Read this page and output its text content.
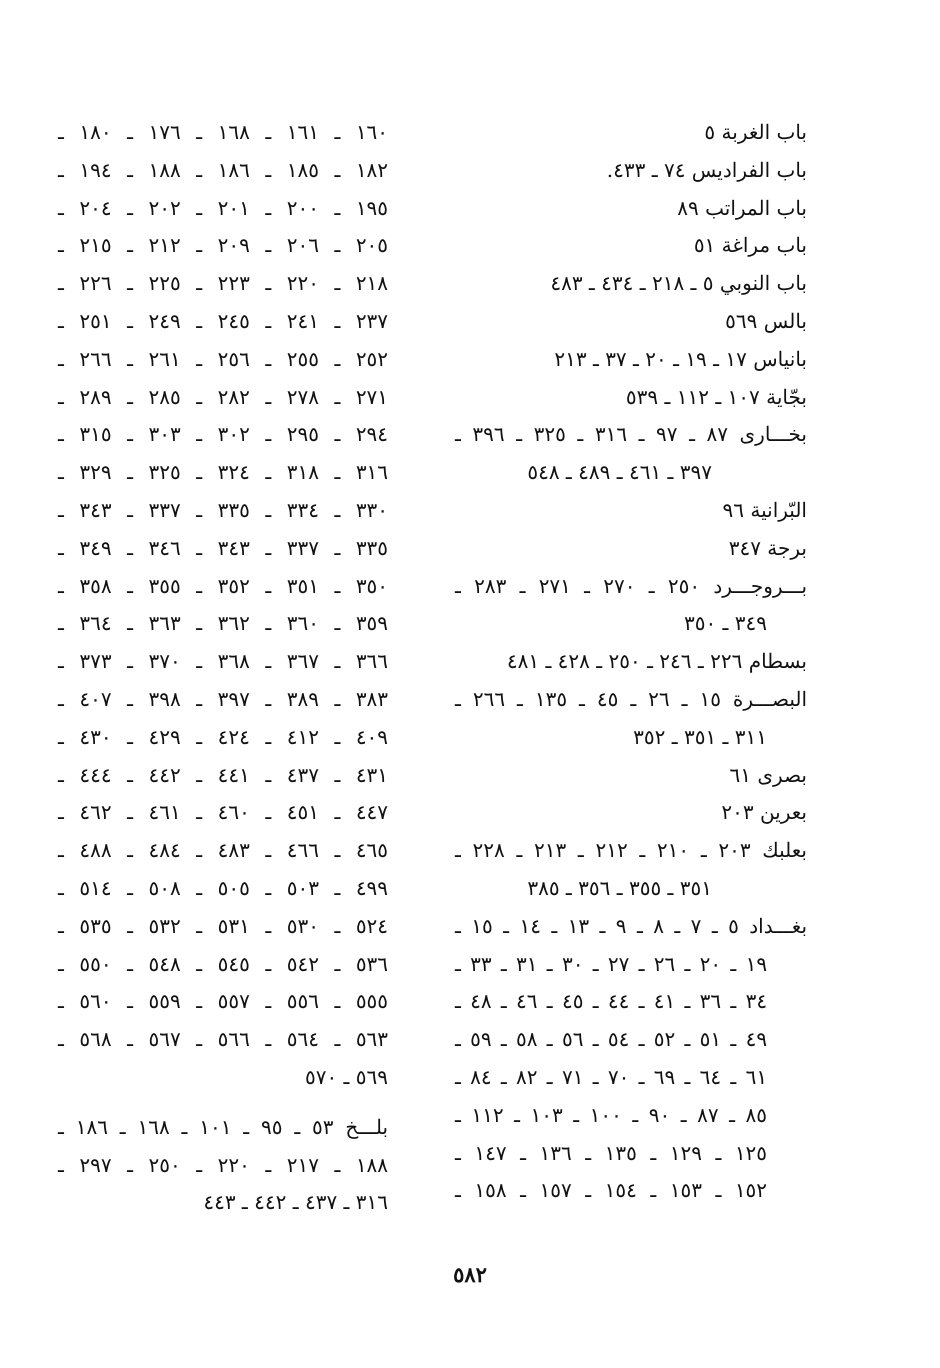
باب الغربة ٥
باب الفراديس ٧٤ ـ ٤٣٣.
باب المراتب ٨٩
باب مراغة ٥١
باب النوبي ٥ ـ ٢١٨ ـ ٤٣٤ ـ ٤٨٣
بالس ٥٦٩
بانياس ١٧ ـ ١٩ ـ ٢٠ ـ ٣٧ ـ ٢١٣
بجّاية ١٠٧ ـ ١١٢ ـ ٥٣٩
بخـــارى ٨٧ ـ ٩٧ ـ ٣١٦ ـ ٣٢٥ ـ ٣٩٦ ـ
٣٩٧ ـ ٤٦١ ـ ٤٨٩ ـ ٥٤٨
البّرانية ٩٦
برجة ٣٤٧
بـــروجـــرد ٢٥٠ ـ ٢٧٠ ـ ٢٧١ ـ ٢٨٣ ـ
٣٤٩ ـ ٣٥٠
بسطام ٢٢٦ ـ ٢٤٦ ـ ٢٥٠ ـ ٤٢٨ ـ ٤٨١
البصـــرة ١٥ ـ ٢٦ ـ ٤٥ ـ ١٣٥ ـ ٢٦٦ ـ
٣١١ ـ ٣٥١ ـ ٣٥٢
بصرى ٦١
بعرين ٢٠٣
بعلبك ٢٠٣ ـ ٢١٠ ـ ٢١٢ ـ ٢١٣ ـ ٢٢٨ ـ
٣٥١ ـ ٣٥٥ ـ ٣٥٦ ـ ٣٨٥
بغـــداد ٥ ـ ٧ ـ ٨ ـ ٩ ـ ١٣ ـ ١٤ ـ ١٥ ـ
١٩ ـ ٢٠ ـ ٢٦ ـ ٢٧ ـ ٣٠ ـ ٣١ ـ ٣٣ ـ
٣٤ ـ ٣٦ ـ ٤١ ـ ٤٤ ـ ٤٥ ـ ٤٦ ـ ٤٨ ـ
٤٩ ـ ٥١ ـ ٥٢ ـ ٥٤ ـ ٥٦ ـ ٥٨ ـ ٥٩ ـ
٦١ ـ ٦٤ ـ ٦٩ ـ ٧٠ ـ ٧١ ـ ٨٢ ـ ٨٤ ـ
٨٥ ـ ٨٧ ـ ٩٠ ـ ١٠٠ ـ ١٠٣ ـ ١١٢ ـ
١٢٥ ـ ١٢٩ ـ ١٣٥ ـ ١٣٦ ـ ١٤٧ ـ
١٥٢ ـ ١٥٣ ـ ١٥٤ ـ ١٥٧ ـ ١٥٨ ـ
١٦٠ ـ ١٦١ ـ ١٦٨ ـ ١٧٦ ـ ١٨٠ ـ
١٨٢ ـ ١٨٥ ـ ١٨٦ ـ ١٨٨ ـ ١٩٤ ـ
١٩٥ ـ ٢٠٠ ـ ٢٠١ ـ ٢٠٢ ـ ٢٠٤ ـ
٢٠٥ ـ ٢٠٦ ـ ٢٠٩ ـ ٢١٢ ـ ٢١٥ ـ
٢١٨ ـ ٢٢٠ ـ ٢٢٣ ـ ٢٢٥ ـ ٢٢٦ ـ
٢٣٧ ـ ٢٤١ ـ ٢٤٥ ـ ٢٤٩ ـ ٢٥١ ـ
٢٥٢ ـ ٢٥٥ ـ ٢٥٦ ـ ٢٦١ ـ ٢٦٦ ـ
٢٧١ ـ ٢٧٨ ـ ٢٨٢ ـ ٢٨٥ ـ ٢٨٩ ـ
٢٩٤ ـ ٢٩٥ ـ ٣٠٢ ـ ٣٠٣ ـ ٣١٥ ـ
٣١٦ ـ ٣١٨ ـ ٣٢٤ ـ ٣٢٥ ـ ٣٢٩ ـ
٣٣٠ ـ ٣٣٤ ـ ٣٣٥ ـ ٣٣٧ ـ ٣٤٣ ـ
٣٣٥ ـ ٣٣٧ ـ ٣٤٣ ـ ٣٤٦ ـ ٣٤٩ ـ
٣٥٠ ـ ٣٥١ ـ ٣٥٢ ـ ٣٥٥ ـ ٣٥٨ ـ
٣٥٩ ـ ٣٦٠ ـ ٣٦٢ ـ ٣٦٣ ـ ٣٦٤ ـ
٣٦٦ ـ ٣٦٧ ـ ٣٦٨ ـ ٣٧٠ ـ ٣٧٣ ـ
٣٨٣ ـ ٣٨٩ ـ ٣٩٧ ـ ٣٩٨ ـ ٤٠٧ ـ
٤٠٩ ـ ٤١٢ ـ ٤٢٤ ـ ٤٢٩ ـ ٤٣٠ ـ
٤٣١ ـ ٤٣٧ ـ ٤٤١ ـ ٤٤٢ ـ ٤٤٤ ـ
٤٤٧ ـ ٤٥١ ـ ٤٦٠ ـ ٤٦١ ـ ٤٦٢ ـ
٤٦٥ ـ ٤٦٦ ـ ٤٨٣ ـ ٤٨٤ ـ ٤٨٨ ـ
٤٩٩ ـ ٥٠٣ ـ ٥٠٥ ـ ٥٠٨ ـ ٥١٤ ـ
٥٢٤ ـ ٥٣٠ ـ ٥٣١ ـ ٥٣٢ ـ ٥٣٥ ـ
٥٣٦ ـ ٥٤٢ ـ ٥٤٥ ـ ٥٤٨ ـ ٥٥٠ ـ
٥٥٥ ـ ٥٥٦ ـ ٥٥٧ ـ ٥٥٩ ـ ٥٦٠ ـ
٥٦٣ ـ ٥٦٤ ـ ٥٦٦ ـ ٥٦٧ ـ ٥٦٨ ـ
٥٦٩ ـ ٥٧٠
بلـــخ ٥٣ ـ ٩٥ ـ ١٠١ ـ ١٦٨ ـ ١٨٦ ـ
١٨٨ ـ ٢١٧ ـ ٢٢٠ ـ ٢٥٠ ـ ٢٩٧ ـ
٣١٦ ـ ٤٣٧ ـ ٤٤٢ ـ ٤٤٣
٥٨٢
